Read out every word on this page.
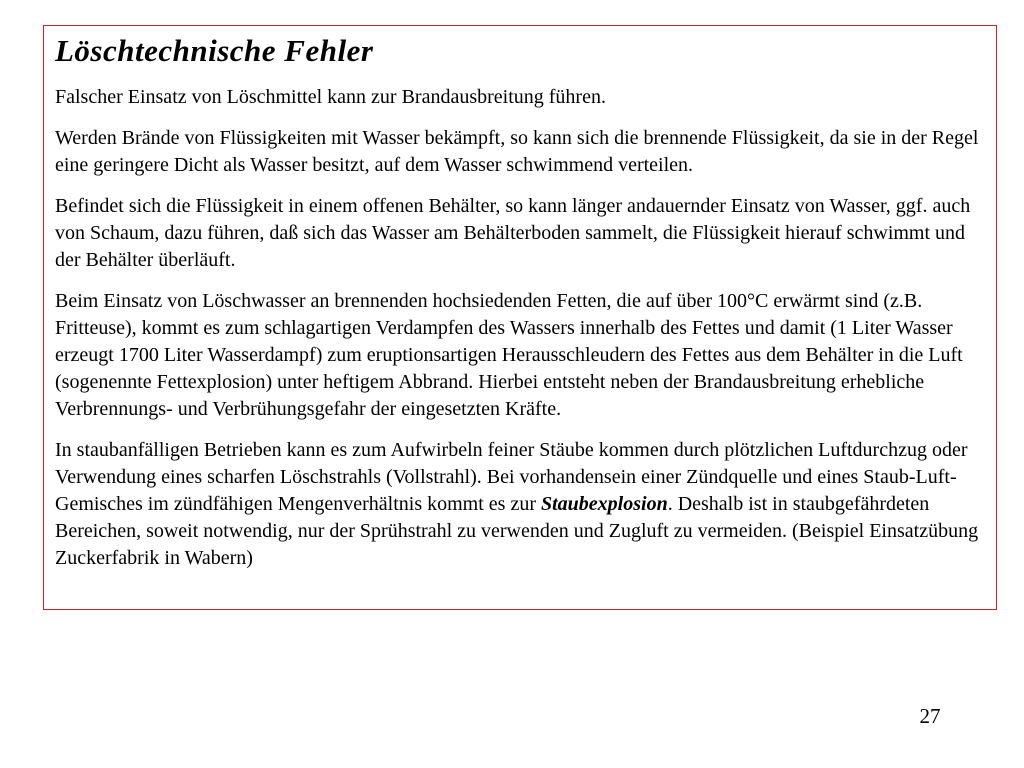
Löschtechnische Fehler

Falscher Einsatz von Löschmittel kann zur Brandausbreitung führen.

Werden Brände von Flüssigkeiten mit Wasser bekämpft, so kann sich die brennende Flüssigkeit, da sie in der Regel eine geringere Dicht als Wasser besitzt, auf dem Wasser schwimmend verteilen.

Befindet sich die Flüssigkeit in einem offenen Behälter, so kann länger andauernder Einsatz von Wasser, ggf. auch von Schaum, dazu führen, daß sich das Wasser am Behälterboden sammelt, die Flüssigkeit hierauf schwimmt und der Behälter überläuft.

Beim Einsatz von Löschwasser an brennenden hochsiedenden Fetten, die auf über 100°C erwärmt sind (z.B. Fritteuse), kommt es zum schlagartigen Verdampfen des Wassers innerhalb des Fettes und damit (1 Liter Wasser erzeugt 1700 Liter Wasserdampf) zum eruptionsartigen Herausschleudern des Fettes aus dem Behälter in die Luft (sogenennte Fettexplosion) unter heftigem Abbrand. Hierbei entsteht neben der Brandausbreitung erhebliche Verbrennungs- und Verbrühungsgefahr der eingesetzten Kräfte.

In staubanfälligen Betrieben kann es zum Aufwirbeln feiner Stäube kommen durch plötzlichen Luftdurchzug oder Verwendung eines scharfen Löschstrahls (Vollstrahl). Bei vorhandensein einer Zündquelle und eines Staub-Luft-Gemisches im zündfähigen Mengenverhältnis kommt es zur Staubexplosion. Deshalb ist in staubgefährdeten Bereichen, soweit notwendig, nur der Sprühstrahl zu verwenden und Zugluft zu vermeiden. (Beispiel Einsatzübung Zuckerfabrik in Wabern)

27
